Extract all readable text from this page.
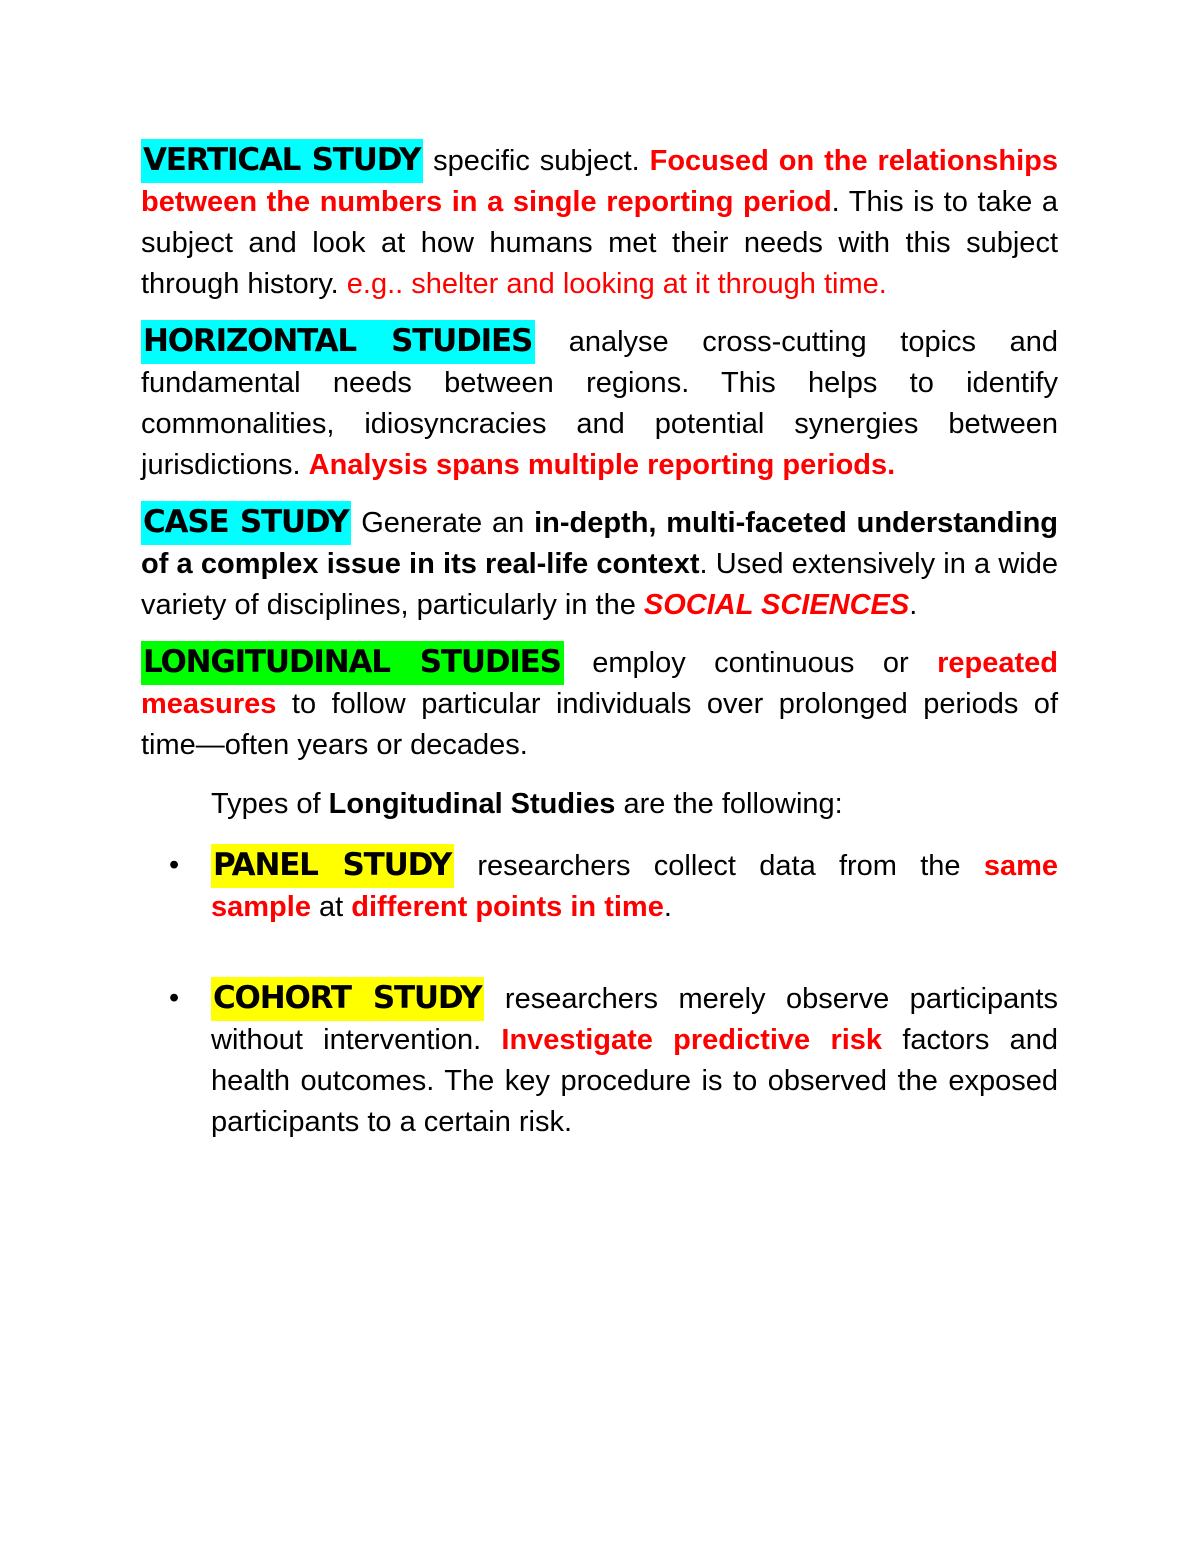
VERTICAL STUDY specific subject. Focused on the relationships between the numbers in a single reporting period. This is to take a subject and look at how humans met their needs with this subject through history. e.g.. shelter and looking at it through time.

HORIZONTAL STUDIES analyse cross-cutting topics and fundamental needs between regions. This helps to identify commonalities, idiosyncracies and potential synergies between jurisdictions. Analysis spans multiple reporting periods.

CASE STUDY Generate an in-depth, multi-faceted understanding of a complex issue in its real-life context. Used extensively in a wide variety of disciplines, particularly in the SOCIAL SCIENCES.

LONGITUDINAL STUDIES employ continuous or repeated measures to follow particular individuals over prolonged periods of time—often years or decades.

Types of Longitudinal Studies are the following:

• PANEL STUDY researchers collect data from the same sample at different points in time.
• COHORT STUDY researchers merely observe participants without intervention. Investigate predictive risk factors and health outcomes. The key procedure is to observed the exposed participants to a certain risk.
